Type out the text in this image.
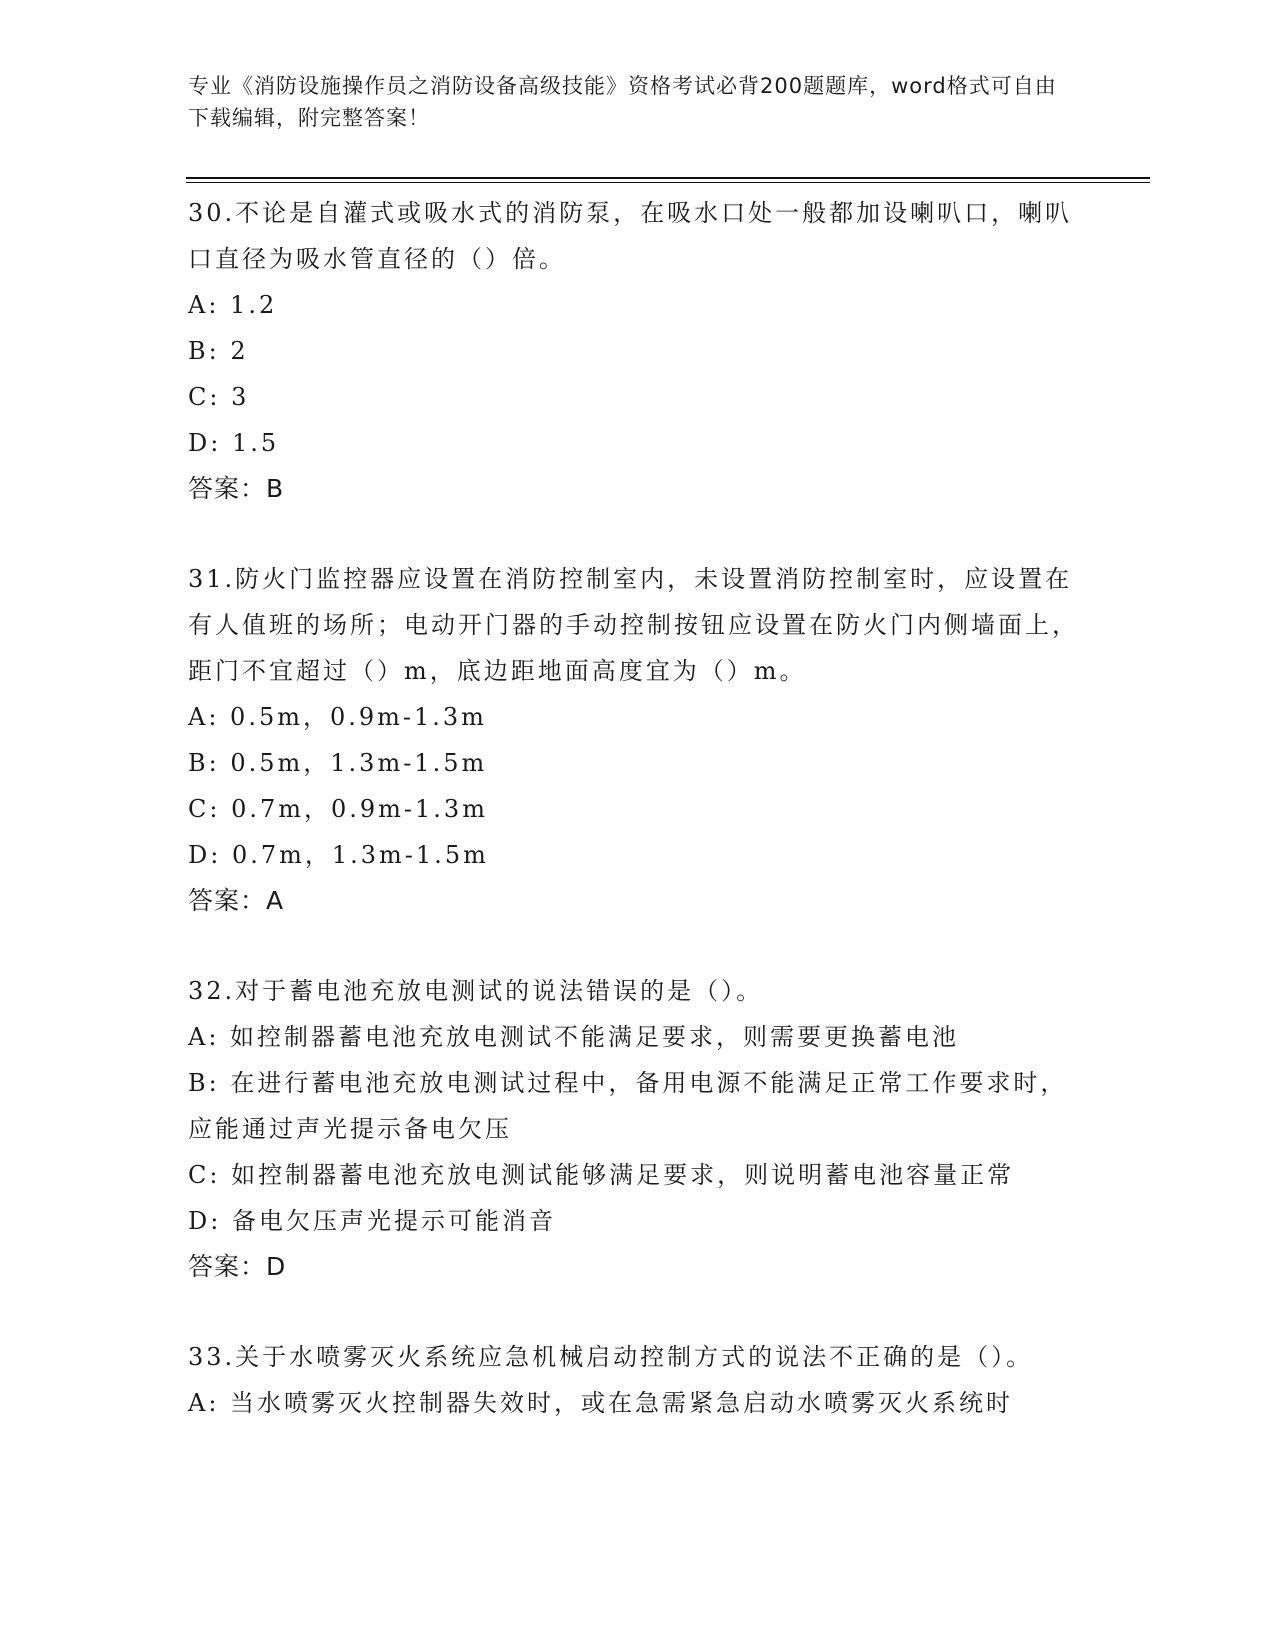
专业《消防设施操作员之消防设备高级技能》资格考试必背200题题库，word格式可自由下载编辑，附完整答案！

30.不论是自灌式或吸水式的消防泵，在吸水口处一般都加设喇叭口，喇叭口直径为吸水管直径的（）倍。

A: 1.2

B: 2

C: 3

D: 1.5

答案：B

31.防火门监控器应设置在消防控制室内，未设置消防控制室时，应设置在有人值班的场所；电动开门器的手动控制按钮应设置在防火门内侧墙面上，距门不宜超过（）m，底边距地面高度宜为（）m。

A: 0.5m，0.9m-1.3m

B: 0.5m，1.3m-1.5m

C: 0.7m，0.9m-1.3m

D: 0.7m，1.3m-1.5m

答案：A

32.对于蓄电池充放电测试的说法错误的是（）。

A: 如控制器蓄电池充放电测试不能满足要求，则需要更换蓄电池

B: 在进行蓄电池充放电测试过程中，备用电源不能满足正常工作要求时，应能通过声光提示备电欠压

C: 如控制器蓄电池充放电测试能够满足要求，则说明蓄电池容量正常

D: 备电欠压声光提示可能消音

答案：D

33.关于水喷雾灭火系统应急机械启动控制方式的说法不正确的是（）。

A: 当水喷雾灭火控制器失效时，或在急需紧急启动水喷雾灭火系统时
